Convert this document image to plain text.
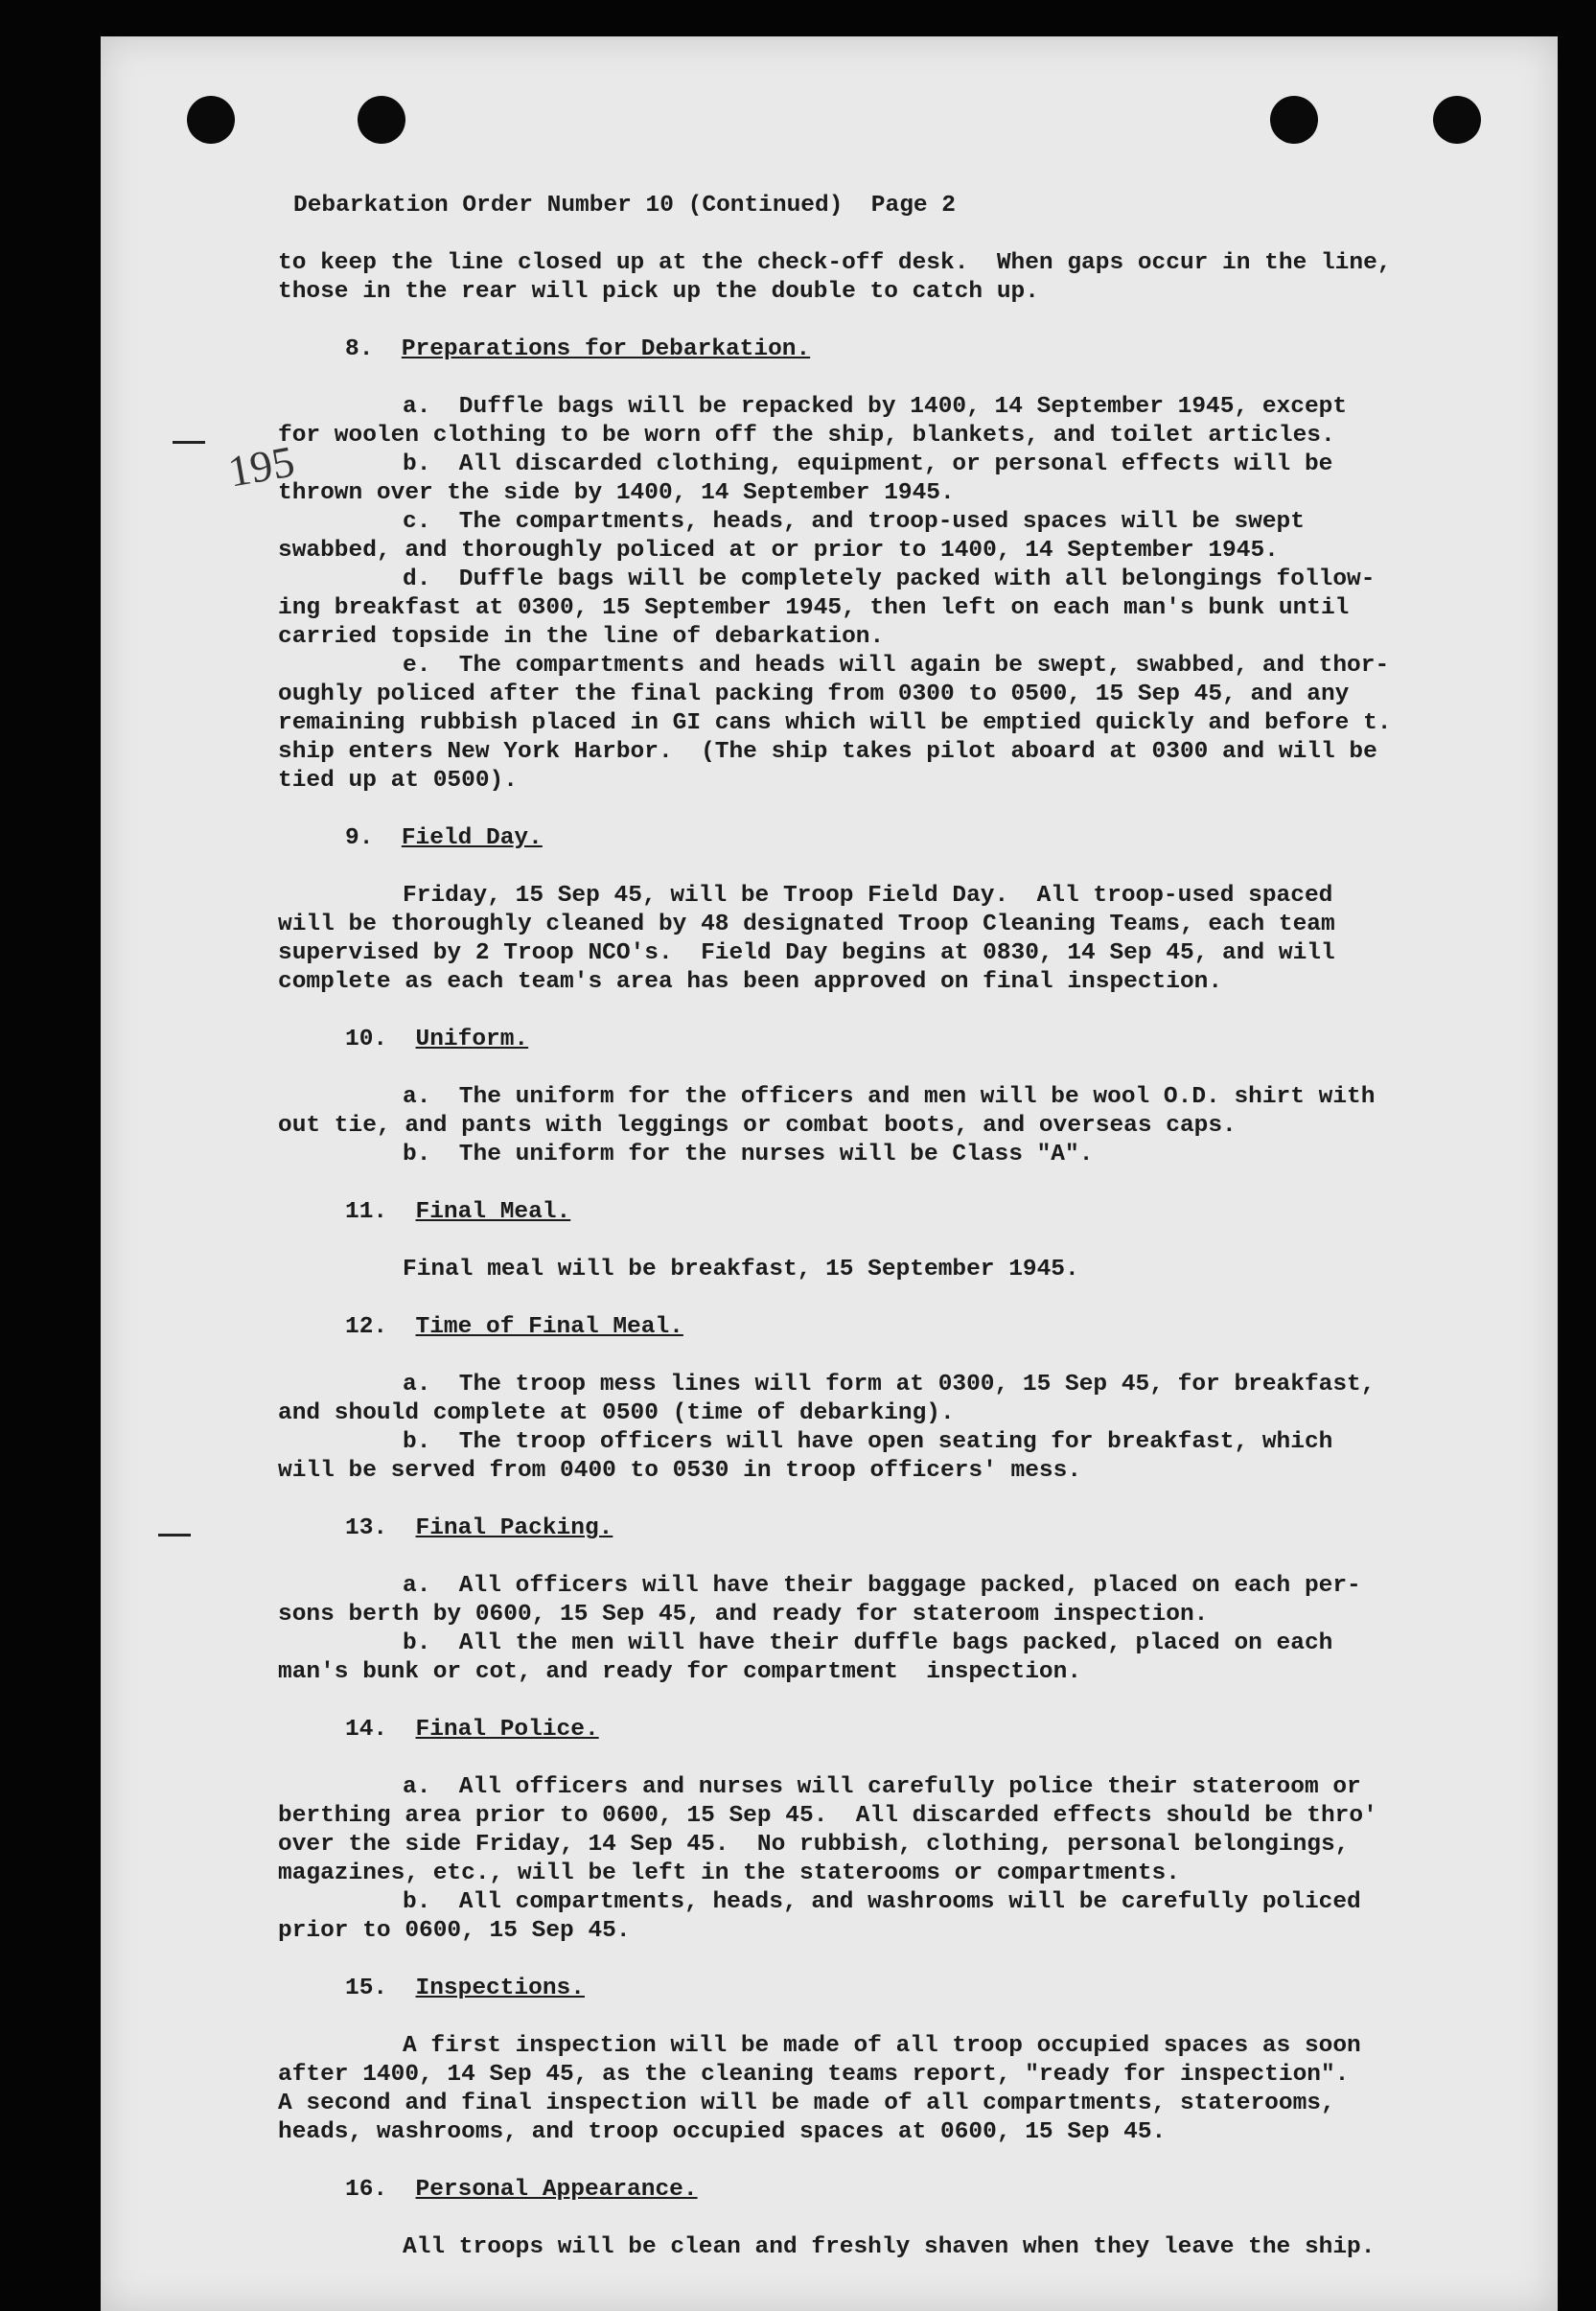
195
Debarkation Order Number 10 (Continued)  Page 2
to keep the line closed up at the check-off desk.  When gaps occur in the line,
those in the rear will pick up the double to catch up.
8.  Preparations for Debarkation.
a.  Duffle bags will be repacked by 1400, 14 September 1945, except
for woolen clothing to be worn off the ship, blankets, and toilet articles.
b.  All discarded clothing, equipment, or personal effects will be
thrown over the side by 1400, 14 September 1945.
c.  The compartments, heads, and troop-used spaces will be swept
swabbed, and thoroughly policed at or prior to 1400, 14 September 1945.
d.  Duffle bags will be completely packed with all belongings follow-
ing breakfast at 0300, 15 September 1945, then left on each man's bunk until
carried topside in the line of debarkation.
e.  The compartments and heads will again be swept, swabbed, and thor-
oughly policed after the final packing from 0300 to 0500, 15 Sep 45, and any
remaining rubbish placed in GI cans which will be emptied quickly and before t.
ship enters New York Harbor.  (The ship takes pilot aboard at 0300 and will be
tied up at 0500).
9.  Field Day.
Friday, 15 Sep 45, will be Troop Field Day.  All troop-used spaced
will be thoroughly cleaned by 48 designated Troop Cleaning Teams, each team
supervised by 2 Troop NCO's.  Field Day begins at 0830, 14 Sep 45, and will
complete as each team's area has been approved on final inspection.
10.  Uniform.
a.  The uniform for the officers and men will be wool O.D. shirt with
out tie, and pants with leggings or combat boots, and overseas caps.
b.  The uniform for the nurses will be Class "A".
11.  Final Meal.
Final meal will be breakfast, 15 September 1945.
12.  Time of Final Meal.
a.  The troop mess lines will form at 0300, 15 Sep 45, for breakfast,
and should complete at 0500 (time of debarking).
b.  The troop officers will have open seating for breakfast, which
will be served from 0400 to 0530 in troop officers' mess.
13.  Final Packing.
a.  All officers will have their baggage packed, placed on each per-
sons berth by 0600, 15 Sep 45, and ready for stateroom inspection.
b.  All the men will have their duffle bags packed, placed on each
man's bunk or cot, and ready for compartment  inspection.
14.  Final Police.
a.  All officers and nurses will carefully police their stateroom or
berthing area prior to 0600, 15 Sep 45.  All discarded effects should be thro'
over the side Friday, 14 Sep 45.  No rubbish, clothing, personal belongings,
magazines, etc., will be left in the staterooms or compartments.
b.  All compartments, heads, and washrooms will be carefully policed
prior to 0600, 15 Sep 45.
15.  Inspections.
A first inspection will be made of all troop occupied spaces as soon
after 1400, 14 Sep 45, as the cleaning teams report, "ready for inspection".
A second and final inspection will be made of all compartments, staterooms,
heads, washrooms, and troop occupied spaces at 0600, 15 Sep 45.
16.  Personal Appearance.
All troops will be clean and freshly shaven when they leave the ship.
